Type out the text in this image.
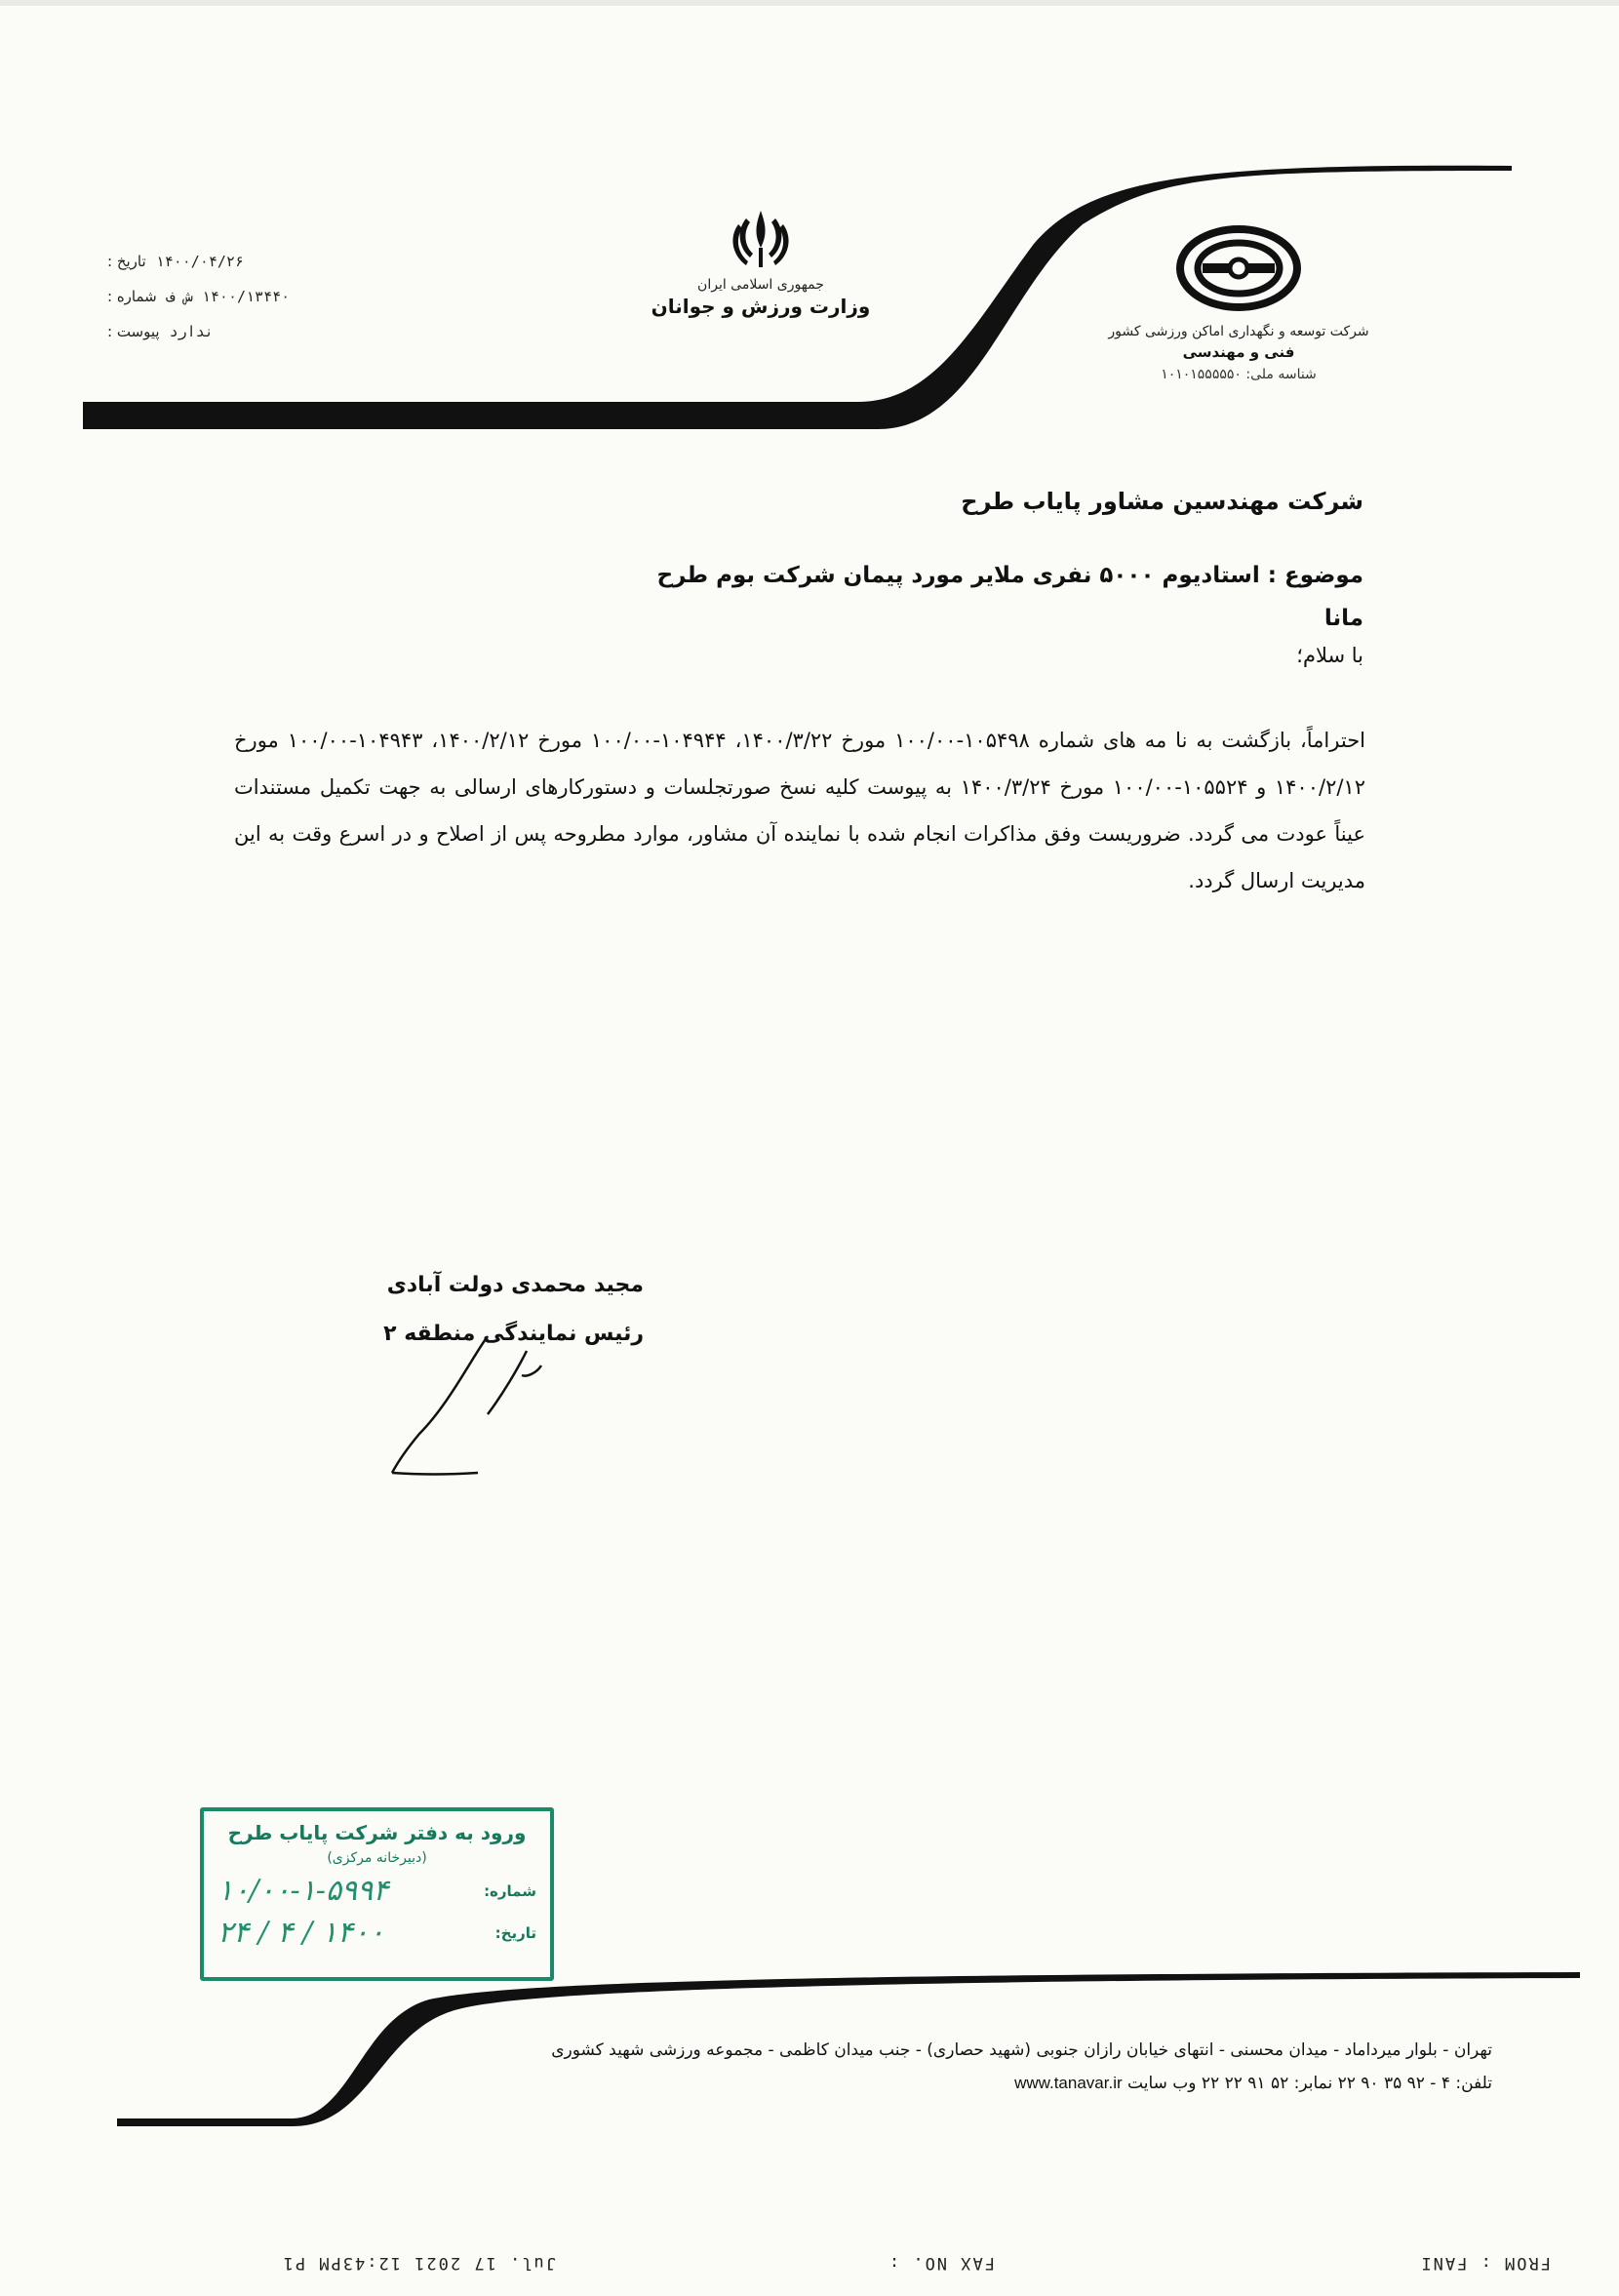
۱۴۰۰/۰۴/۲۶
تاریخ :
۱۴۰۰/۱۳۴۴۰ ش ف
شماره :
ندارد
پیوست :
جمهوری اسلامی ایران
وزارت ورزش و جوانان
شرکت توسعه و نگهداری اماکن ورزشی کشور
فنی و مهندسی
شناسه ملی: ۱۰۱۰۱۵۵۵۵۵۰
شرکت مهندسین مشاور پایاب طرح
موضوع : استادیوم ۵۰۰۰ نفری ملایر مورد پیمان شرکت بوم طرح مانا
با سلام؛
احتراماً، بازگشت به نا مه های شماره ۱۰۵۴۹۸-۱۰۰/۰۰ مورخ ۱۴۰۰/۳/۲۲، ۱۰۴۹۴۴-۱۰۰/۰۰ مورخ ۱۴۰۰/۲/۱۲، ۱۰۴۹۴۳-۱۰۰/۰۰ مورخ ۱۴۰۰/۲/۱۲ و ۱۰۵۵۲۴-۱۰۰/۰۰ مورخ ۱۴۰۰/۳/۲۴ به پیوست کلیه نسخ صورتجلسات و دستورکارهای ارسالی به جهت تکمیل مستندات عیناً عودت می گردد. ضروریست وفق مذاکرات انجام شده با نماینده آن مشاور، موارد مطروحه پس از اصلاح و در اسرع وقت به این مدیریت ارسال گردد.
مجید محمدی دولت آبادی
رئیس نمایندگی منطقه ۲
ورود به دفتر شرکت پایاب طرح
(دبیرخانه مرکزی)
شماره:
۱۰/۰۰-۱-۵۹۹۴
تاریخ:
۱۴۰۰ / ۴ / ۲۴
تهران - بلوار میرداماد - میدان محسنی - انتهای خیابان رازان جنوبی (شهید حصاری) - جنب میدان کاظمی - مجموعه ورزشی شهید کشوری
تلفن: ۴ - ۹۲ ۳۵ ۹۰ ۲۲ نمابر: ۵۲ ۹۱ ۲۲ ۲۲ وب سایت www.tanavar.ir
FROM : FANI
FAX NO. :
Jul. 17 2021 12:43PM P1
